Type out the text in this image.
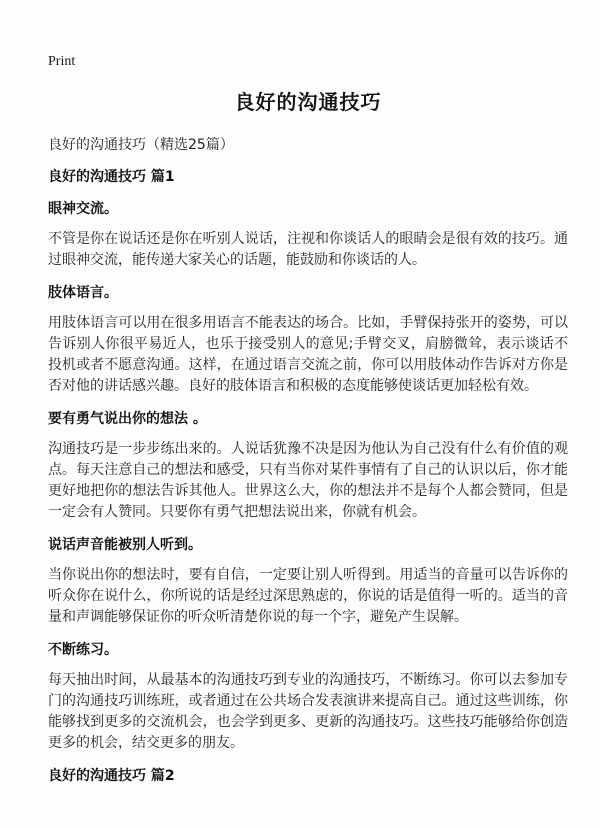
Print
良好的沟通技巧

良好的沟通技巧（精选25篇）

良好的沟通技巧 篇1
眼神交流。

不管是你在说话还是你在听别人说话，注视和你谈话人的眼睛会是很有效的技巧。通过眼神交流，能传递大家关心的话题，能鼓励和你谈话的人。

肢体语言。

用肢体语言可以用在很多用语言不能表达的场合。比如，手臂保持张开的姿势，可以告诉别人你很平易近人，也乐于接受别人的意见;手臂交叉，肩膀微耸，表示谈话不投机或者不愿意沟通。这样，在通过语言交流之前，你可以用肢体动作告诉对方你是否对他的讲话感兴趣。良好的肢体语言和积极的态度能够使谈话更加轻松有效。

要有勇气说出你的想法 。

沟通技巧是一步步练出来的。人说话犹豫不决是因为他认为自己没有什么有价值的观点。每天注意自己的想法和感受，只有当你对某件事情有了自己的认识以后，你才能更好地把你的想法告诉其他人。世界这么大，你的想法并不是每个人都会赞同，但是一定会有人赞同。只要你有勇气把想法说出来，你就有机会。

说话声音能被别人听到。

当你说出你的想法时，要有自信，一定要让别人听得到。用适当的音量可以告诉你的听众你在说什么，你所说的话是经过深思熟虑的，你说的话是值得一听的。适当的音量和声调能够保证你的听众听清楚你说的每一个字，避免产生误解。

不断练习。

每天抽出时间，从最基本的沟通技巧到专业的沟通技巧，不断练习。你可以去参加专门的沟通技巧训练班，或者通过在公共场合发表演讲来提高自己。通过这些训练，你能够找到更多的交流机会，也会学到更多、更新的沟通技巧。这些技巧能够给你创造更多的机会，结交更多的朋友。

良好的沟通技巧 篇2
